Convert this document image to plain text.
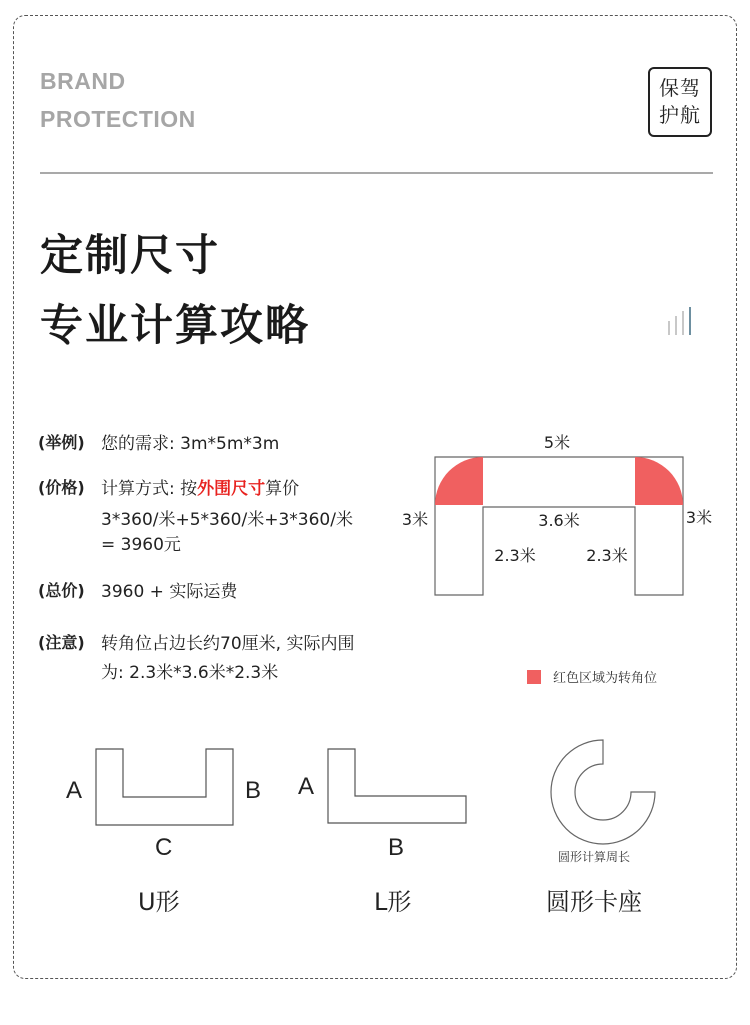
BRAND
PROTECTION
保驾
护航
定制尺寸
专业计算攻略
(举例) 您的需求: 3m*5m*3m
(价格) 计算方式: 按外围尺寸算价
3*360/米+5*360/米+3*360/米
= 3960元
(总价) 3960 + 实际运费
(注意) 转角位占边长约70厘米, 实际内围
为: 2.3米*3.6米*2.3米
5米
3米	3米
3.6米
2.3米	2.3米
红色区域为转角位
A	B
C
U形
A
B
L形
圆形计算周长
圆形卡座
